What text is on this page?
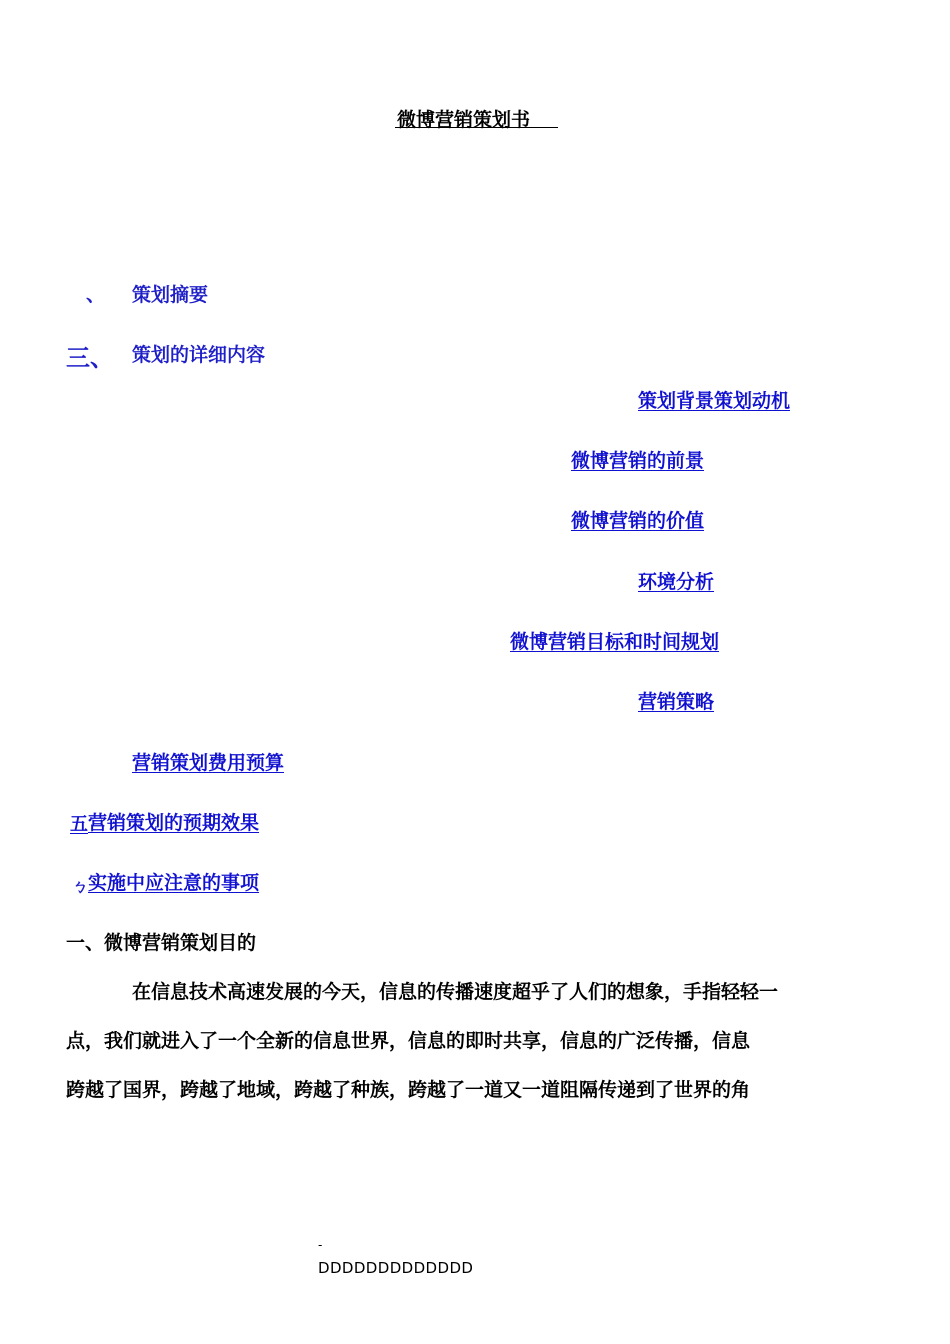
微博营销策划书
、 策划摘要
三、 策划的详细内容
策划背景策划动机
微博营销的前景
微博营销的价值
环境分析
微博营销目标和时间规划
营销策略
营销策划费用预算
五 营销策划的预期效果
ㄅ 实施中应注意的事项
一、微博营销策划目的
在信息技术高速发展的今天，信息的传播速度超乎了人们的想象，手指轻轻一
点，我们就进入了一个全新的信息世界，信息的即时共享，信息的广泛传播，信息
跨越了国界，跨越了地域，跨越了种族，跨越了一道又一道阻隔传递到了世界的角
-
DDDDDDDDDDDDD
